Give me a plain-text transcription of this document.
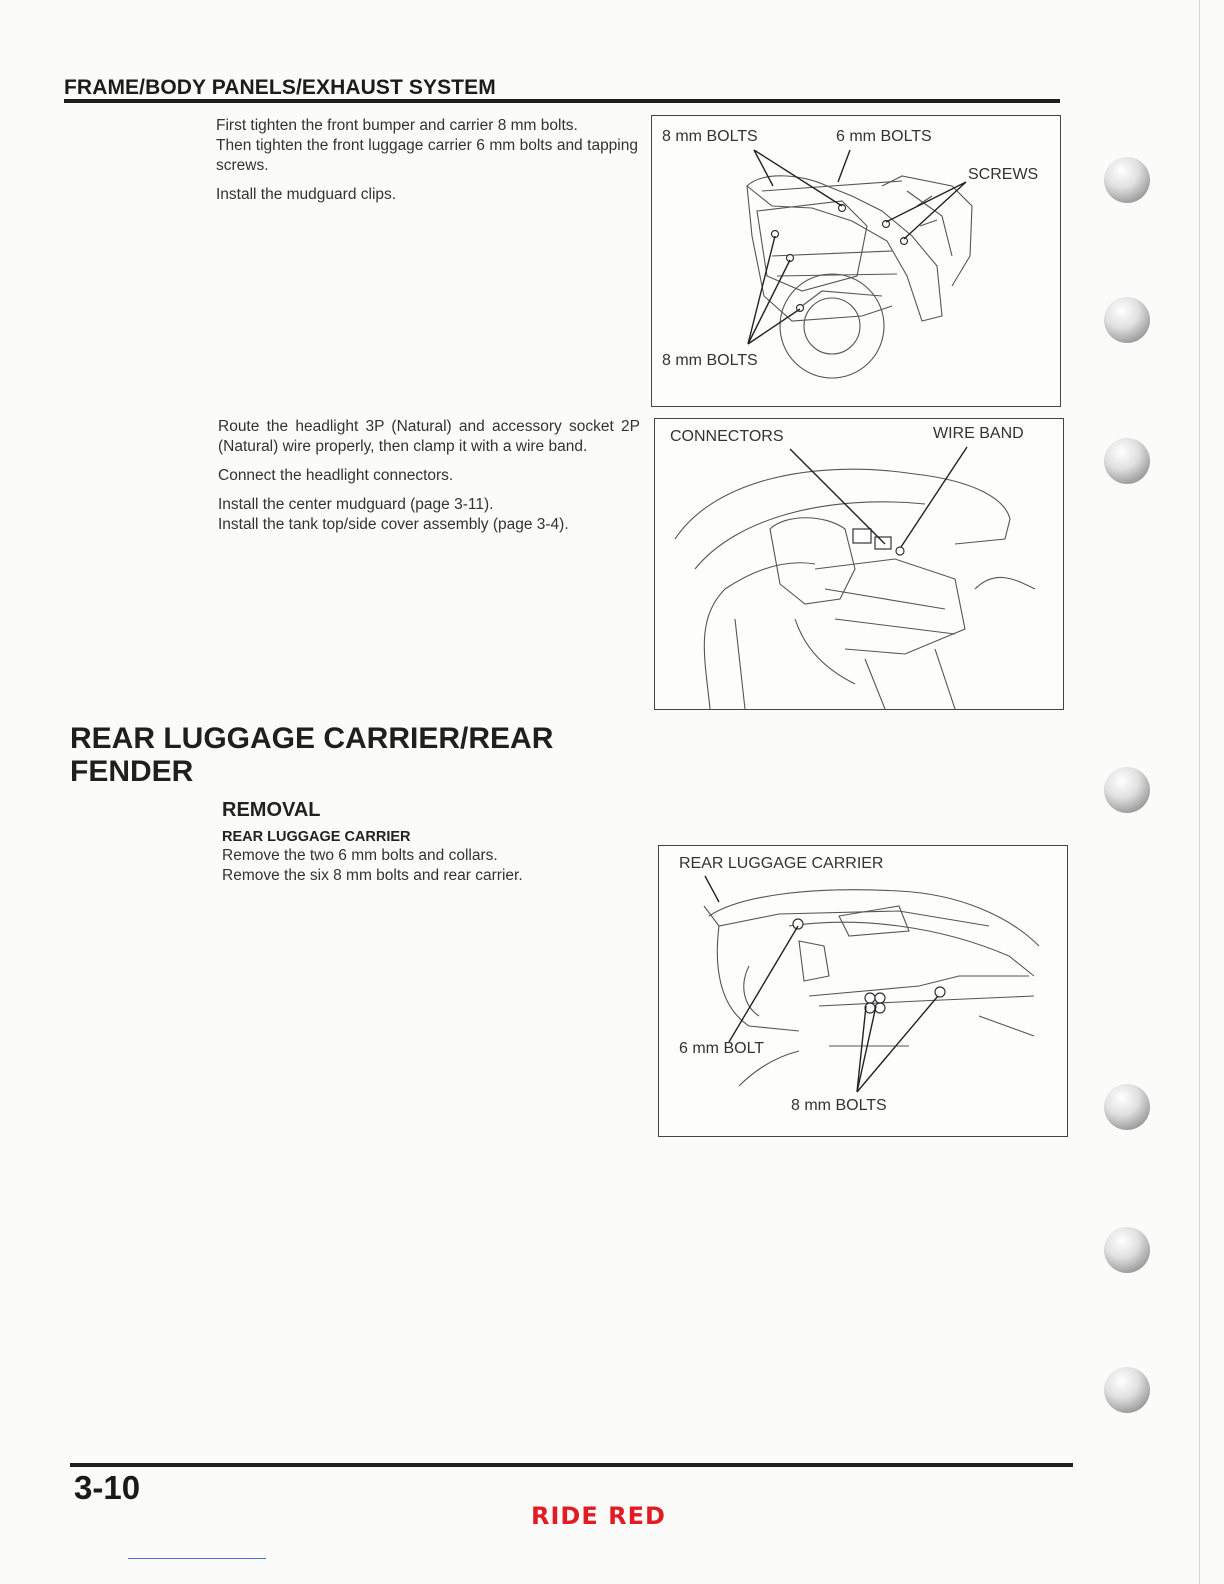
FRAME/BODY PANELS/EXHAUST SYSTEM

First tighten the front bumper and carrier 8 mm bolts.

Then tighten the front luggage carrier 6 mm bolts and tapping screws.

Install the mudguard clips.

8 mm BOLTS	6 mm BOLTS
SCREWS
8 mm BOLTS

Route the headlight 3P (Natural) and accessory socket 2P (Natural) wire properly, then clamp it with a wire band.

Connect the headlight connectors.

Install the center mudguard (page 3-11).

Install the tank top/side cover assembly (page 3-4).

CONNECTORS	WIRE BAND
REAR LUGGAGE CARRIER/REAR FENDER
REMOVAL
REAR LUGGAGE CARRIER

Remove the two 6 mm bolts and collars.

Remove the six 8 mm bolts and rear carrier.

REAR LUGGAGE CARRIER
6 mm BOLT
8 mm BOLTS
3-10
RIDE RED
